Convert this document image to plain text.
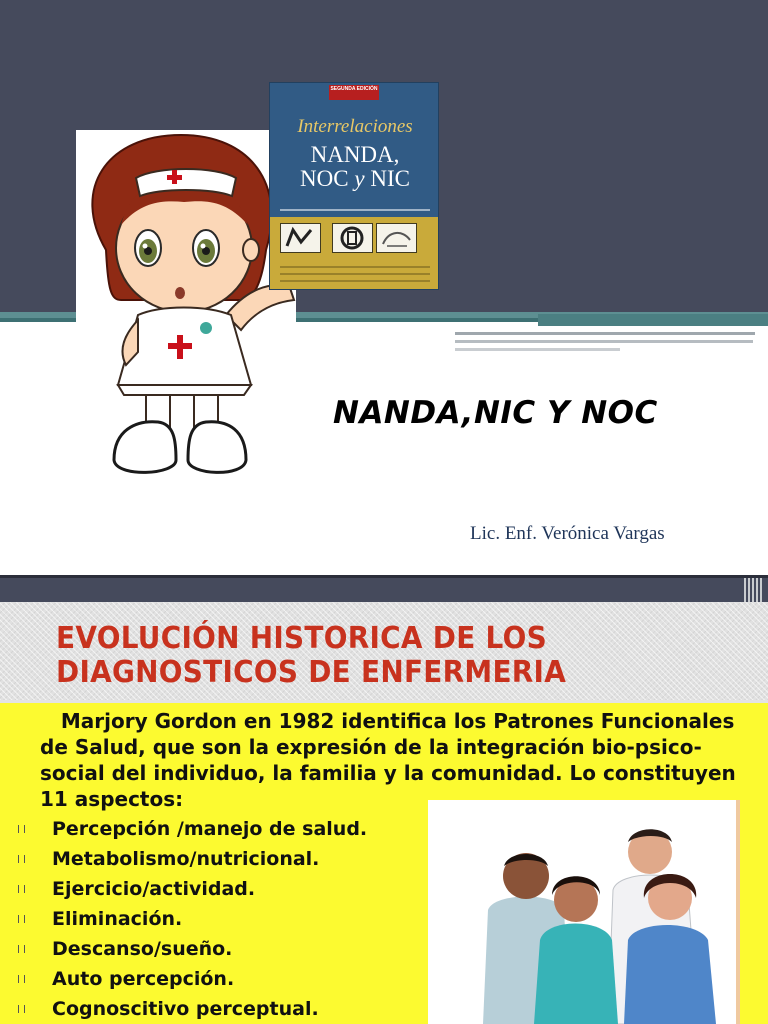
SEGUNDA EDICIÓN
Interrelaciones
NANDA,
NOC y NIC
NANDA,NIC Y NOC
Lic. Enf. Verónica Vargas
EVOLUCIÓN HISTORICA DE LOS
DIAGNOSTICOS DE ENFERMERIA
Marjory Gordon en 1982 identifica los Patrones Funcionales
de Salud, que son la expresión de la integración bio-psico-
social del individuo, la familia y la comunidad. Lo constituyen
11 aspectos:
Percepción /manejo de salud.
Metabolismo/nutricional.
Ejercicio/actividad.
Eliminación.
Descanso/sueño.
Auto percepción.
Cognoscitivo perceptual.
